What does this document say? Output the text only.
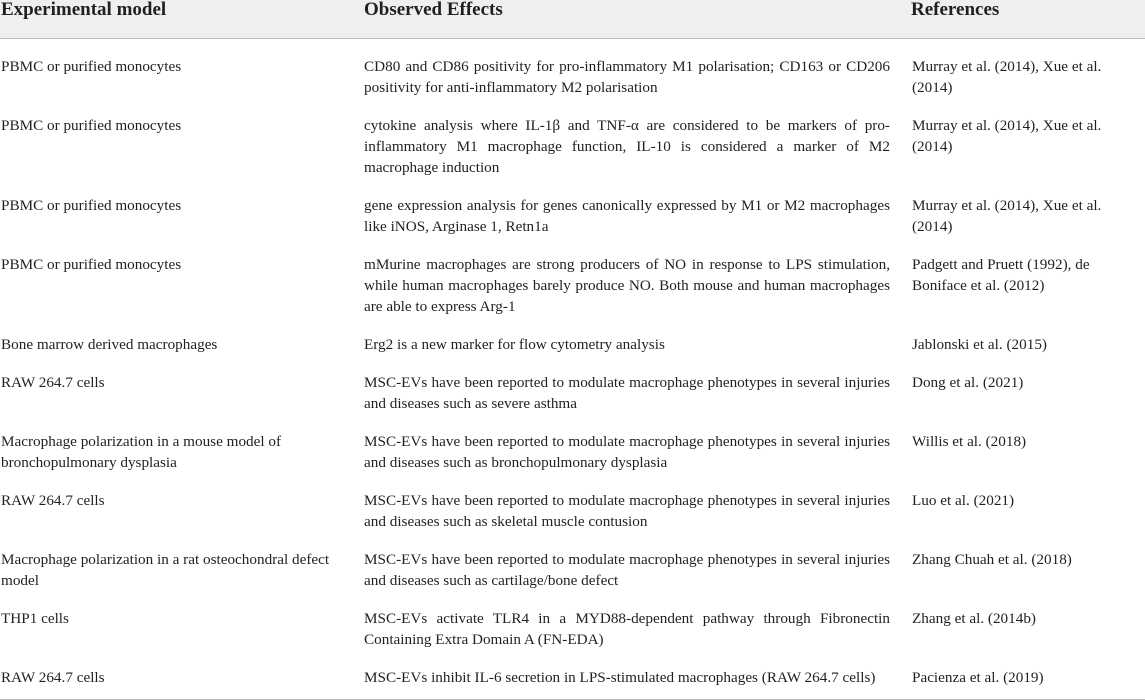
Experimental model	Observed Effects	References
PBMC or purified monocytes	CD80 and CD86 positivity for pro-inflammatory M1 polarisation; CD163 or CD206 positivity for anti-inflammatory M2 polarisation	Murray et al. (2014), Xue et al. (2014)
PBMC or purified monocytes	cytokine analysis where IL-1β and TNF-α are considered to be markers of pro-inflammatory M1 macrophage function, IL-10 is considered a marker of M2 macrophage induction	Murray et al. (2014), Xue et al. (2014)
PBMC or purified monocytes	gene expression analysis for genes canonically expressed by M1 or M2 macrophages like iNOS, Arginase 1, Retn1a	Murray et al. (2014), Xue et al. (2014)
PBMC or purified monocytes	mMurine macrophages are strong producers of NO in response to LPS stimulation, while human macrophages barely produce NO. Both mouse and human macrophages are able to express Arg-1	Padgett and Pruett (1992), de Boniface et al. (2012)
Bone marrow derived macrophages	Erg2 is a new marker for flow cytometry analysis	Jablonski et al. (2015)
RAW 264.7 cells	MSC-EVs have been reported to modulate macrophage phenotypes in several injuries and diseases such as severe asthma	Dong et al. (2021)
Macrophage polarization in a mouse model of bronchopulmonary dysplasia	MSC-EVs have been reported to modulate macrophage phenotypes in several injuries and diseases such as bronchopulmonary dysplasia	Willis et al. (2018)
RAW 264.7 cells	MSC-EVs have been reported to modulate macrophage phenotypes in several injuries and diseases such as skeletal muscle contusion	Luo et al. (2021)
Macrophage polarization in a rat osteochondral defect model	MSC-EVs have been reported to modulate macrophage phenotypes in several injuries and diseases such as cartilage/bone defect	Zhang Chuah et al. (2018)
THP1 cells	MSC-EVs activate TLR4 in a MYD88-dependent pathway through Fibronectin Containing Extra Domain A (FN-EDA)	Zhang et al. (2014b)
RAW 264.7 cells	MSC-EVs inhibit IL-6 secretion in LPS-stimulated macrophages (RAW 264.7 cells)	Pacienza et al. (2019)
